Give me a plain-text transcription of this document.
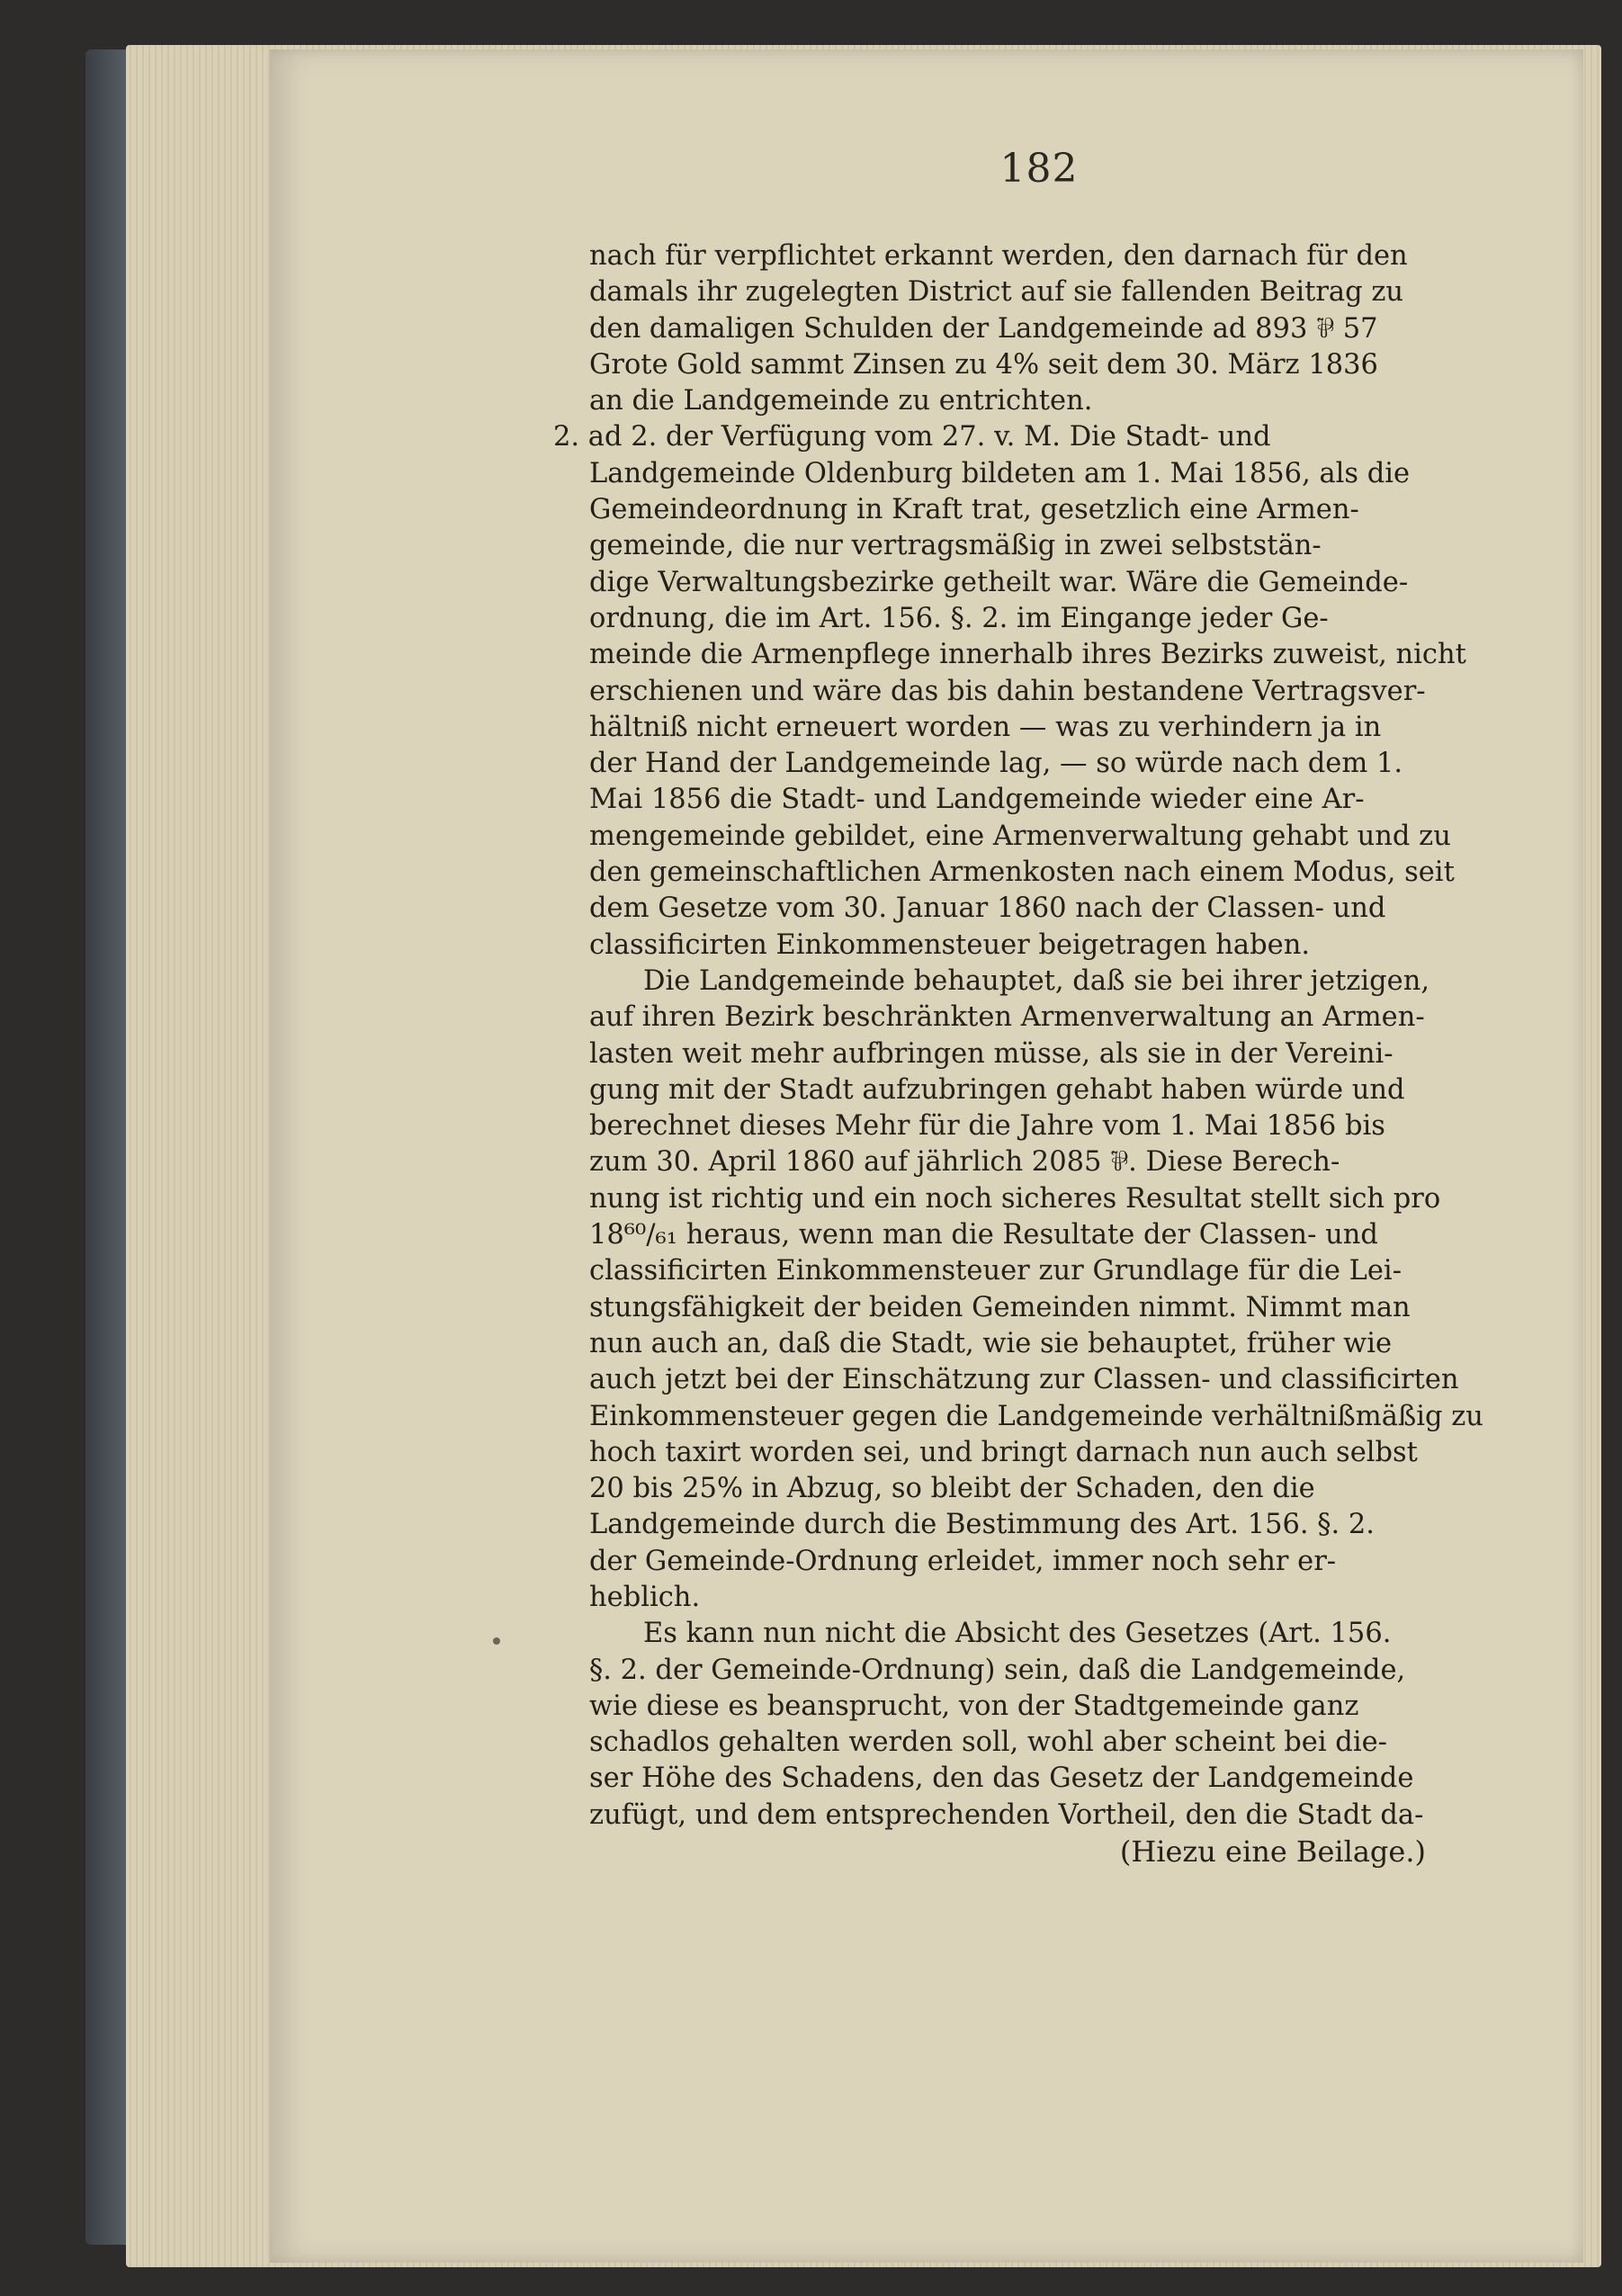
182
nach für verpflichtet erkannt werden, den darnach für den
damals ihr zugelegten District auf sie fallenden Beitrag zu
den damaligen Schulden der Landgemeinde ad 893 ⅌ 57
Grote Gold sammt Zinsen zu 4% seit dem 30. März 1836
an die Landgemeinde zu entrichten.
2. ad 2. der Verfügung vom 27. v. M. Die Stadt- und
Landgemeinde Oldenburg bildeten am 1. Mai 1856, als die
Gemeindeordnung in Kraft trat, gesetzlich eine Armen-
gemeinde, die nur vertragsmäßig in zwei selbststän-
dige Verwaltungsbezirke getheilt war. Wäre die Gemeinde-
ordnung, die im Art. 156. §. 2. im Eingange jeder Ge-
meinde die Armenpflege innerhalb ihres Bezirks zuweist, nicht
erschienen und wäre das bis dahin bestandene Vertragsver-
hältniß nicht erneuert worden — was zu verhindern ja in
der Hand der Landgemeinde lag, — so würde nach dem 1.
Mai 1856 die Stadt- und Landgemeinde wieder eine Ar-
mengemeinde gebildet, eine Armenverwaltung gehabt und zu
den gemeinschaftlichen Armenkosten nach einem Modus, seit
dem Gesetze vom 30. Januar 1860 nach der Classen- und
classificirten Einkommensteuer beigetragen haben.
Die Landgemeinde behauptet, daß sie bei ihrer jetzigen,
auf ihren Bezirk beschränkten Armenverwaltung an Armen-
lasten weit mehr aufbringen müsse, als sie in der Vereini-
gung mit der Stadt aufzubringen gehabt haben würde und
berechnet dieses Mehr für die Jahre vom 1. Mai 1856 bis
zum 30. April 1860 auf jährlich 2085 ⅌. Diese Berech-
nung ist richtig und ein noch sicheres Resultat stellt sich pro
18⁶⁰/₆₁ heraus, wenn man die Resultate der Classen- und
classificirten Einkommensteuer zur Grundlage für die Lei-
stungsfähigkeit der beiden Gemeinden nimmt. Nimmt man
nun auch an, daß die Stadt, wie sie behauptet, früher wie
auch jetzt bei der Einschätzung zur Classen- und classificirten
Einkommensteuer gegen die Landgemeinde verhältnißmäßig zu
hoch taxirt worden sei, und bringt darnach nun auch selbst
20 bis 25% in Abzug, so bleibt der Schaden, den die
Landgemeinde durch die Bestimmung des Art. 156. §. 2.
der Gemeinde-Ordnung erleidet, immer noch sehr er-
heblich.
Es kann nun nicht die Absicht des Gesetzes (Art. 156.
§. 2. der Gemeinde-Ordnung) sein, daß die Landgemeinde,
wie diese es beansprucht, von der Stadtgemeinde ganz
schadlos gehalten werden soll, wohl aber scheint bei die-
ser Höhe des Schadens, den das Gesetz der Landgemeinde
zufügt, und dem entsprechenden Vortheil, den die Stadt da-
(Hiezu eine Beilage.)
